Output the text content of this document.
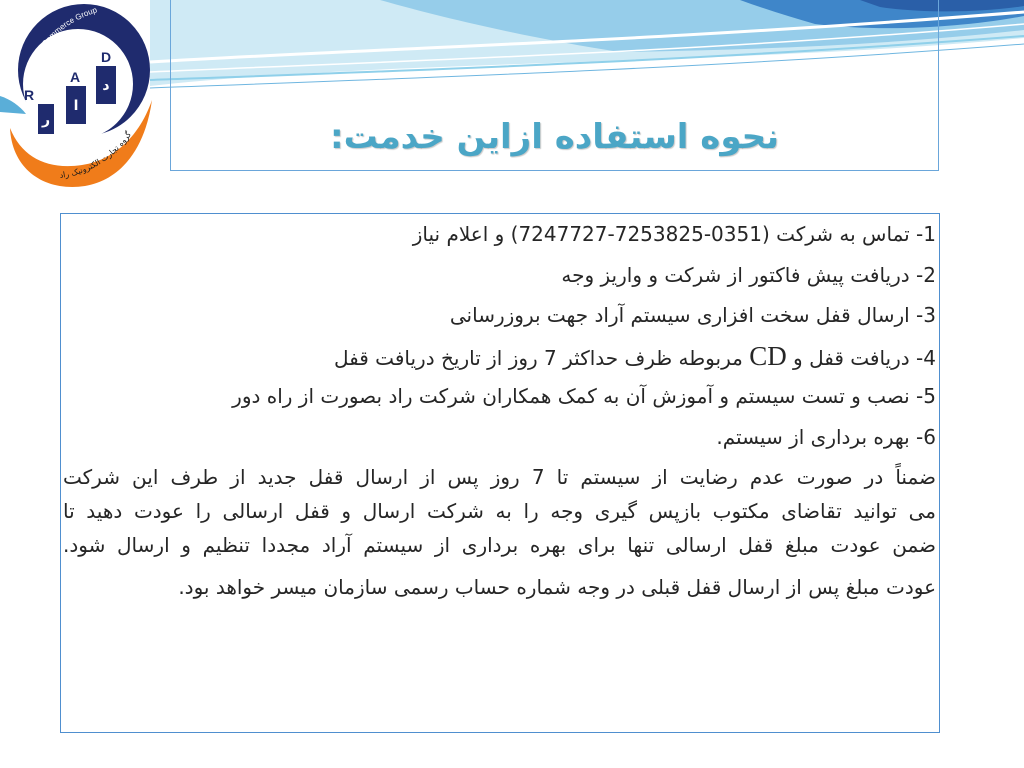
نحوه استفاده ازاین خدمت:
Rad ECommerce Group
گروه تجارت الکترونیک راد
R
A
D
ر
ا
د
1- تماس به شرکت (0351-7253825-7247727) و اعلام نیاز
2- دریافت پیش فاکتور از شرکت و واریز وجه
3- ارسال قفل سخت افزاری سیستم آراد جهت بروزرسانی
4- دریافت قفل و CD مربوطه ظرف حداکثر 7 روز از تاریخ دریافت قفل
5- نصب و تست سیستم و آموزش آن به کمک همکاران شرکت راد بصورت از راه دور
6- بهره برداری از سیستم.
ضمناً در صورت عدم رضایت از سیستم تا 7 روز پس از ارسال قفل جدید از طرف این شرکت
می توانید تقاضای مکتوب بازپس گیری وجه را به شرکت ارسال و قفل ارسالی را عودت دهید تا
ضمن عودت مبلغ قفل ارسالی تنها برای بهره برداری از سیستم آراد مجددا تنظیم و ارسال شود.
عودت مبلغ پس از ارسال قفل قبلی در وجه شماره حساب رسمی سازمان میسر خواهد بود.
